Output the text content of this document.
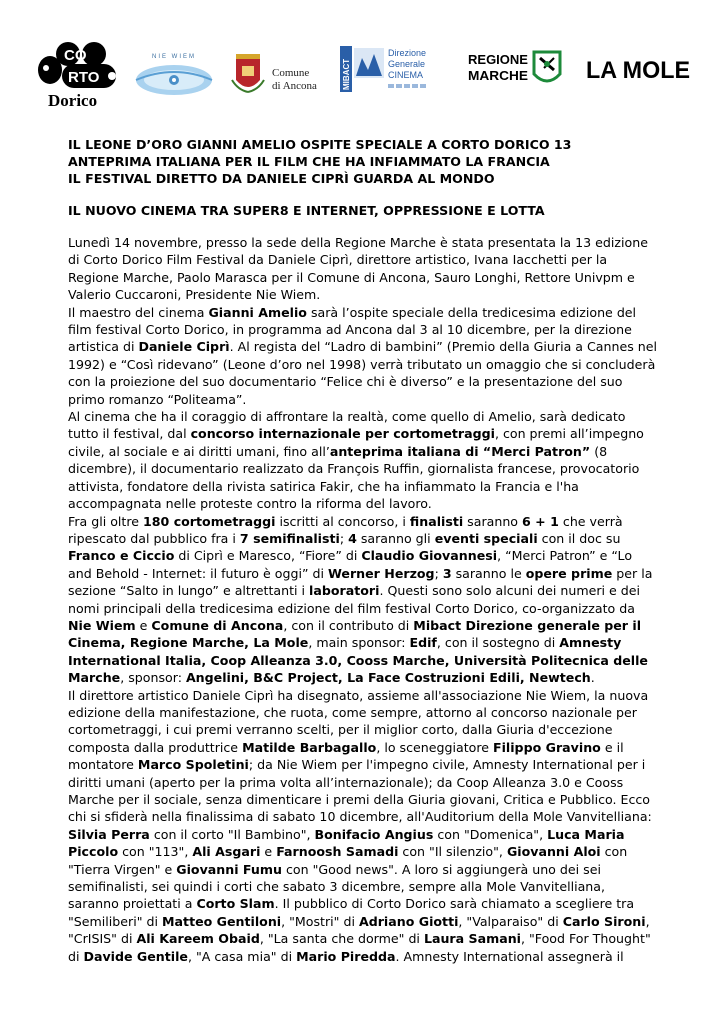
CO
RTO
Dorico
NIE WIEM
Comune
di Ancona	MIBACT
Direzione
Generale
CINEMA
REGIONE
MARCHE LA MOLE
IL LEONE D’ORO GIANNI AMELIO OSPITE SPECIALE A CORTO DORICO 13
ANTEPRIMA ITALIANA PER IL FILM CHE HA INFIAMMATO LA FRANCIA
IL FESTIVAL DIRETTO DA DANIELE CIPRÌ GUARDA AL MONDO
IL NUOVO CINEMA TRA SUPER8 E INTERNET, OPPRESSIONE E LOTTA

Lunedì 14 novembre, presso la sede della Regione Marche è stata presentata la 13 edizione di Corto Dorico Film Festival da Daniele Ciprì, direttore artistico, Ivana Iacchetti per la Regione Marche, Paolo Marasca per il Comune di Ancona, Sauro Longhi, Rettore Univpm e Valerio Cuccaroni, Presidente Nie Wiem.

Il maestro del cinema Gianni Amelio sarà l’ospite speciale della tredicesima edizione del film festival Corto Dorico, in programma ad Ancona dal 3 al 10 dicembre, per la direzione artistica di Daniele Ciprì. Al regista del “Ladro di bambini” (Premio della Giuria a Cannes nel 1992) e “Così ridevano” (Leone d’oro nel 1998) verrà tributato un omaggio che si concluderà con la proiezione del suo documentario “Felice chi è diverso” e la presentazione del suo primo romanzo “Politeama”.

Al cinema che ha il coraggio di affrontare la realtà, come quello di Amelio, sarà dedicato tutto il festival, dal concorso internazionale per cortometraggi, con premi all’impegno civile, al sociale e ai diritti umani, fino all’anteprima italiana di “Merci Patron” (8 dicembre), il documentario realizzato da François Ruffin, giornalista francese, provocatorio attivista, fondatore della rivista satirica Fakir, che ha infiammato la Francia e l'ha accompagnata nelle proteste contro la riforma del lavoro.

Fra gli oltre 180 cortometraggi iscritti al concorso, i finalisti saranno 6 + 1 che verrà ripescato dal pubblico fra i 7 semifinalisti; 4 saranno gli eventi speciali con il doc su Franco e Ciccio di Ciprì e Maresco, “Fiore” di Claudio Giovannesi, “Merci Patron” e “Lo and Behold - Internet: il futuro è oggi” di Werner Herzog; 3 saranno le opere prime per la sezione “Salto in lungo” e altrettanti i laboratori. Questi sono solo alcuni dei numeri e dei nomi principali della tredicesima edizione del film festival Corto Dorico, co-organizzato da Nie Wiem e Comune di Ancona, con il contributo di Mibact Direzione generale per il Cinema, Regione Marche, La Mole, main sponsor: Edif, con il sostegno di Amnesty International Italia, Coop Alleanza 3.0, Cooss Marche, Università Politecnica delle Marche, sponsor: Angelini, B&C Project, La Face Costruzioni Edili, Newtech.

Il direttore artistico Daniele Ciprì ha disegnato, assieme all'associazione Nie Wiem, la nuova edizione della manifestazione, che ruota, come sempre, attorno al concorso nazionale per cortometraggi, i cui premi verranno scelti, per il miglior corto, dalla Giuria d'eccezione composta dalla produttrice Matilde Barbagallo, lo sceneggiatore Filippo Gravino e il montatore Marco Spoletini; da Nie Wiem per l'impegno civile, Amnesty International per i diritti umani (aperto per la prima volta all’internazionale); da Coop Alleanza 3.0 e Cooss Marche per il sociale, senza dimenticare i premi della Giuria giovani, Critica e Pubblico. Ecco chi si sfiderà nella finalissima di sabato 10 dicembre, all'Auditorium della Mole Vanvitelliana: Silvia Perra con il corto "Il Bambino", Bonifacio Angius con "Domenica", Luca Maria Piccolo con "113", Ali Asgari e Farnoosh Samadi con "Il silenzio", Giovanni Aloi con "Tierra Virgen" e Giovanni Fumu con "Good news". A loro si aggiungerà uno dei sei semifinalisti, sei quindi i corti che sabato 3 dicembre, sempre alla Mole Vanvitelliana, saranno proiettati a Corto Slam. Il pubblico di Corto Dorico sarà chiamato a scegliere tra "Semiliberi" di Matteo Gentiloni, "Mostri" di Adriano Giotti, "Valparaiso" di Carlo Sironi, "CrISIS" di Ali Kareem Obaid, "La santa che dorme" di Laura Samani, "Food For Thought" di Davide Gentile, "A casa mia" di Mario Piredda. Amnesty International assegnerà il
